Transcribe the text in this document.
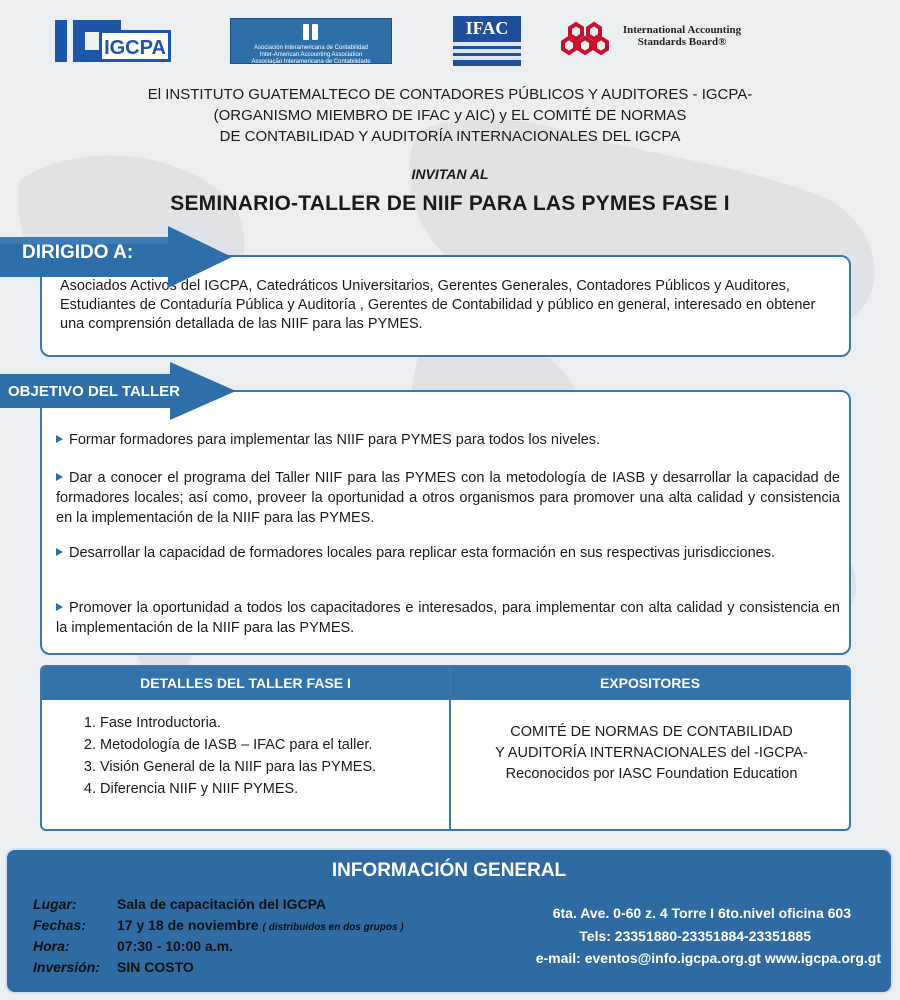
IGCPA	Asociación Interamericana de Contabilidad
Inter-American Accounting Association
Associação Interamericana de Contabilidade
IFAC	International Accounting Standards Board®
El INSTITUTO GUATEMALTECO DE CONTADORES PÚBLICOS Y AUDITORES - IGCPA-
(ORGANISMO MIEMBRO DE IFAC y AIC) y EL COMITÉ DE NORMAS
DE CONTABILIDAD Y AUDITORÍA INTERNACIONALES DEL IGCPA
INVITAN AL
SEMINARIO-TALLER DE NIIF PARA LAS PYMES FASE I

Asociados Activos del IGCPA, Catedráticos Universitarios, Gerentes Generales, Contadores Públicos y Auditores, Estudiantes de Contaduría Pública y Auditoría , Gerentes de Contabilidad y público en general, interesado en obtener una comprensión detallada de las NIIF para las PYMES.

DIRIGIDO A:
Formar formadores para implementar las NIIF para PYMES para todos los niveles.
Dar a conocer el programa del Taller NIIF para las PYMES con la metodología de IASB y desarrollar la capacidad de formadores locales; así como, proveer la oportunidad a otros organismos para promover una alta calidad y consistencia en la implementación de la NIIF para las PYMES.
Desarrollar la capacidad de formadores locales para replicar esta formación en sus respectivas jurisdicciones.
Promover la oportunidad a todos los capacitadores e interesados, para implementar con alta calidad y consistencia en la implementación de la NIIF para las PYMES.
OBJETIVO DEL TALLER
DETALLES DEL TALLER FASE I	EXPOSITORES
1. Fase Introductoria.
2. Metodología de IASB – IFAC para el taller.
3. Visión General de la NIIF para las PYMES.
4. Diferencia NIIF y NIIF PYMES.
COMITÉ DE NORMAS DE CONTABILIDAD
Y AUDITORÍA INTERNACIONALES del -IGCPA-
Reconocidos por IASC Foundation Education
INFORMACIÓN GENERAL
Lugar:	Sala de capacitación del IGCPA
Fechas: 17 y 18 de noviembre ( distribuidos en dos grupos )
Hora:	07:30 - 10:00 a.m.
Inversión: SIN COSTO
6ta. Ave. 0-60 z. 4 Torre I 6to.nivel oficina 603
Tels: 23351880-23351884-23351885
e-mail: eventos@info.igcpa.org.gt www.igcpa.org.gt
